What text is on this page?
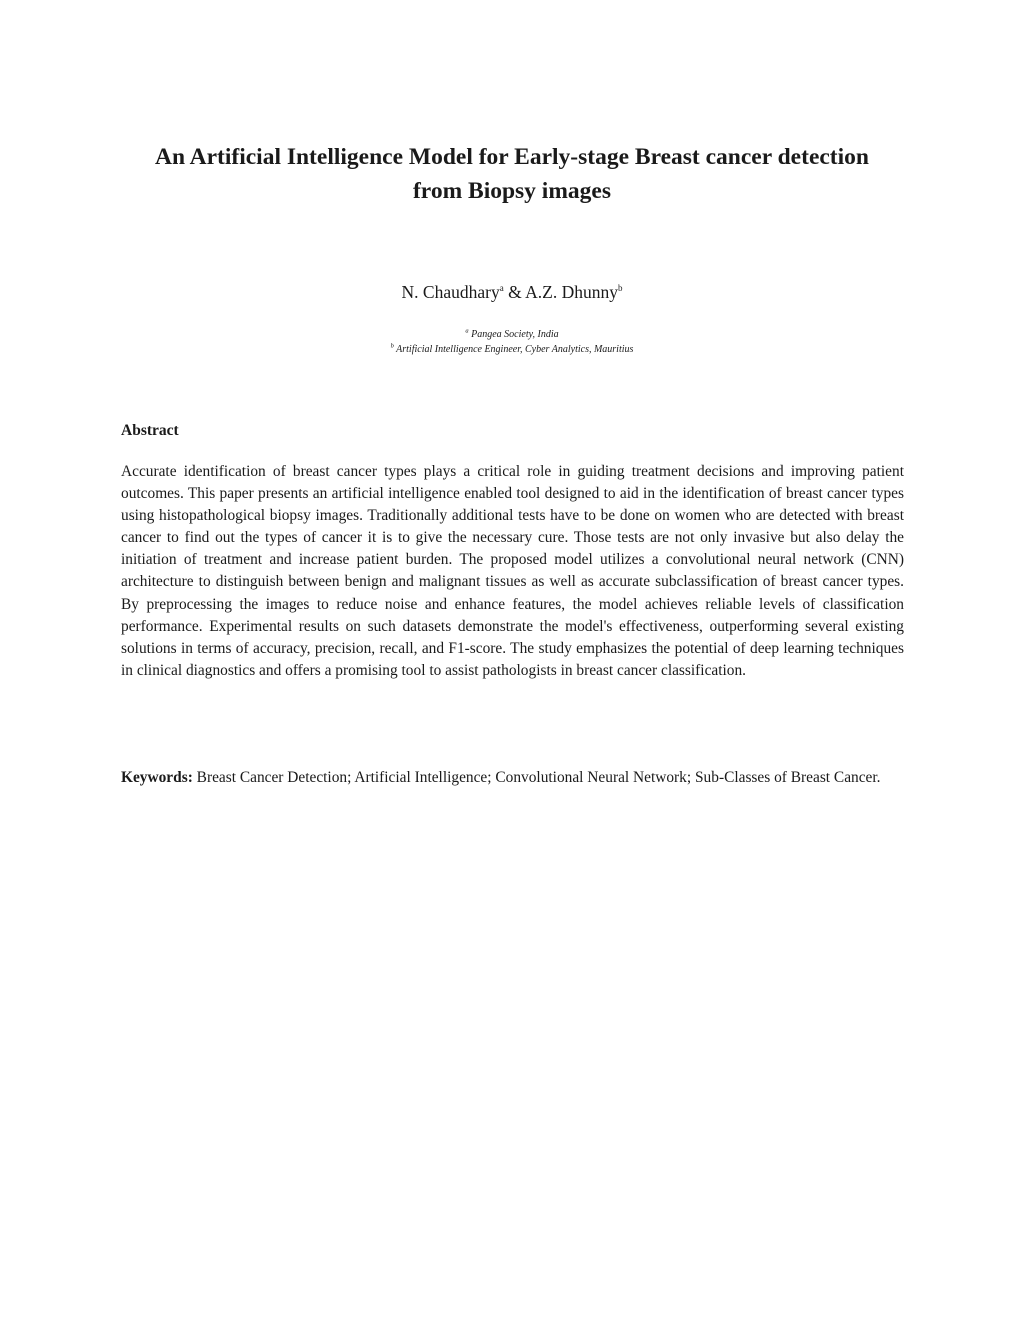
An Artificial Intelligence Model for Early-stage Breast cancer detection
from Biopsy images
N. Chaudhary$^a$ & A.Z. Dhunny$^b$
$^a$ Pangea Society, India
$^b$ Artificial Intelligence Engineer, Cyber Analytics, Mauritius
Abstract

Accurate identification of breast cancer types plays a critical role in guiding treatment decisions and improving patient outcomes. This paper presents an artificial intelligence enabled tool designed to aid in the identification of breast cancer types using histopathological biopsy images. Traditionally additional tests have to be done on women who are detected with breast cancer to find out the types of cancer it is to give the necessary cure. Those tests are not only invasive but also delay the initiation of treatment and increase patient burden. The proposed model utilizes a convolutional neural network (CNN) architecture to distinguish between benign and malignant tissues as well as accurate subclassification of breast cancer types. By preprocessing the images to reduce noise and enhance features, the model achieves reliable levels of classification performance. Experimental results on such datasets demonstrate the model's effectiveness, outperforming several existing solutions in terms of accuracy, precision, recall, and F1-score. The study emphasizes the potential of deep learning techniques in clinical diagnostics and offers a promising tool to assist pathologists in breast cancer classification.

Keywords: Breast Cancer Detection; Artificial Intelligence; Convolutional Neural Network; Sub-Classes of Breast Cancer.
